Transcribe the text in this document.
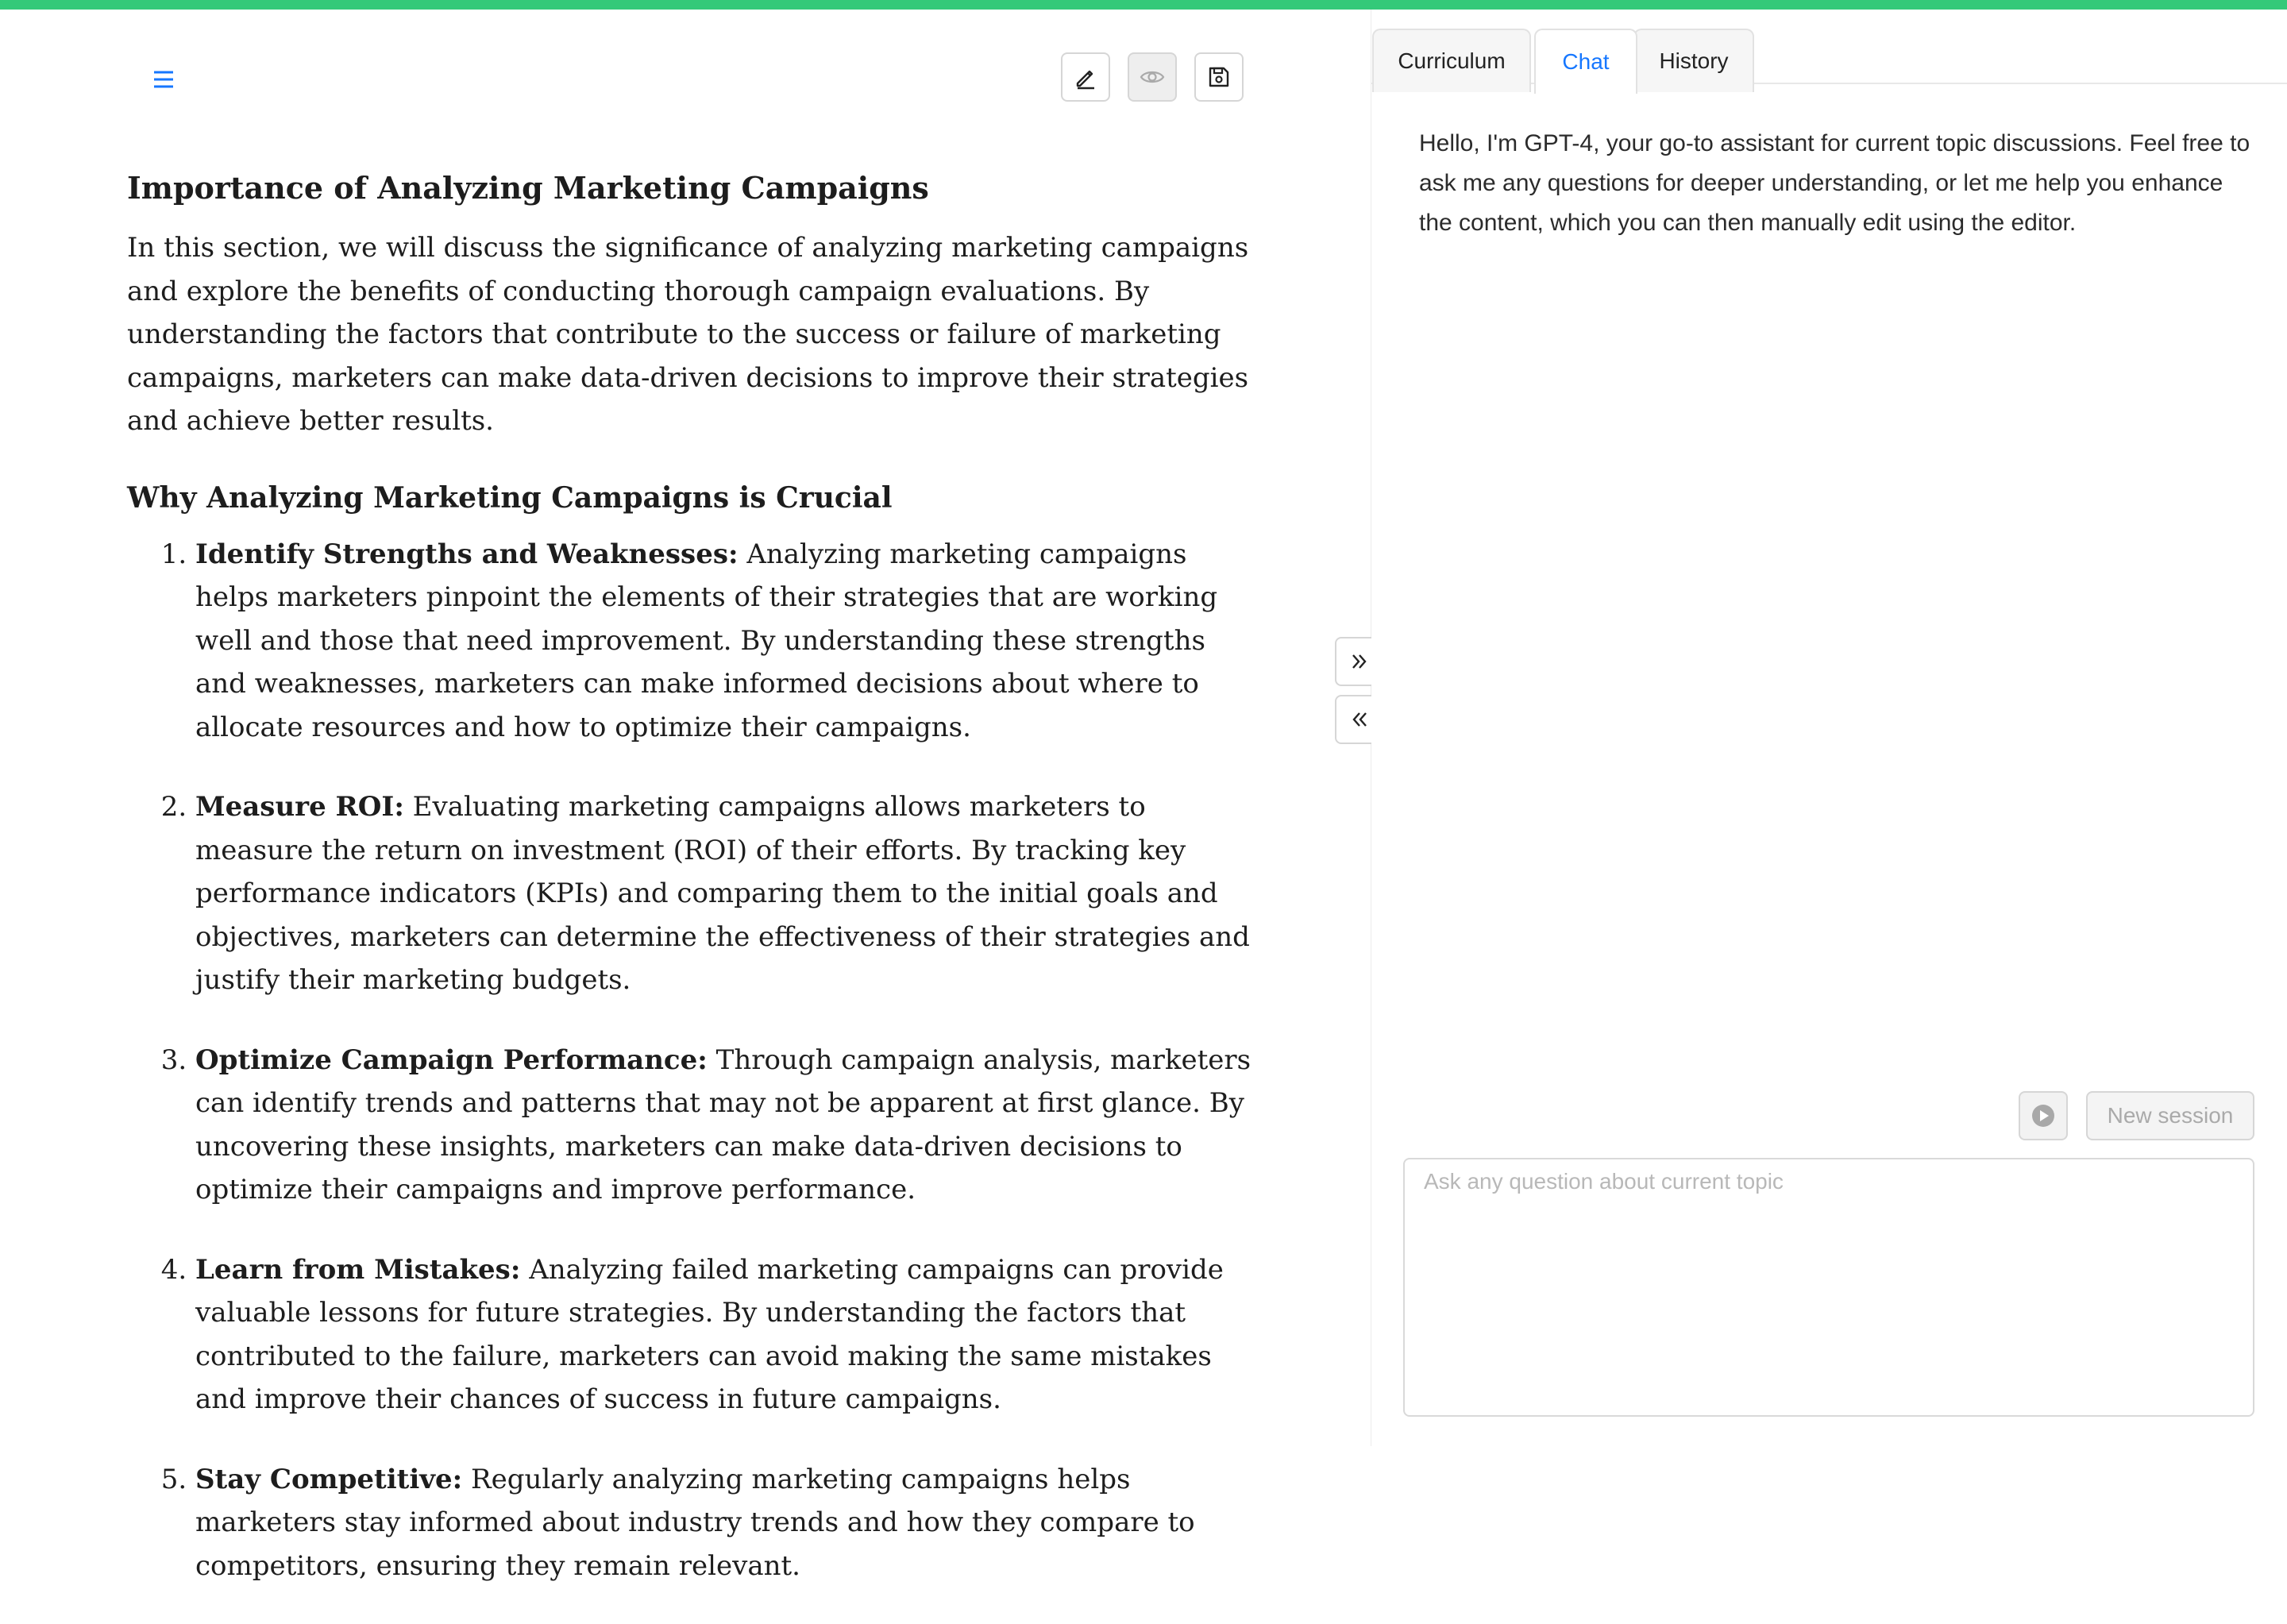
Importance of Analyzing Marketing Campaigns

In this section, we will discuss the significance of analyzing marketing campaigns and explore the benefits of conducting thorough campaign evaluations. By understanding the factors that contribute to the success or failure of marketing campaigns, marketers can make data-driven decisions to improve their strategies and achieve better results.

Why Analyzing Marketing Campaigns is Crucial
1. Identify Strengths and Weaknesses: Analyzing marketing campaigns helps marketers pinpoint the elements of their strategies that are working well and those that need improvement. By understanding these strengths and weaknesses, marketers can make informed decisions about where to allocate resources and how to optimize their campaigns.
2. Measure ROI: Evaluating marketing campaigns allows marketers to measure the return on investment (ROI) of their efforts. By tracking key performance indicators (KPIs) and comparing them to the initial goals and objectives, marketers can determine the effectiveness of their strategies and justify their marketing budgets.
3. Optimize Campaign Performance: Through campaign analysis, marketers can identify trends and patterns that may not be apparent at first glance. By uncovering these insights, marketers can make data-driven decisions to optimize their campaigns and improve performance.
4. Learn from Mistakes: Analyzing failed marketing campaigns can provide valuable lessons for future strategies. By understanding the factors that contributed to the failure, marketers can avoid making the same mistakes and improve their chances of success in future campaigns.
5. Stay Competitive: Regularly analyzing marketing campaigns helps marketers stay informed about industry trends and how they compare to competitors, ensuring they remain relevant.
Curriculum	History
Chat
Hello, I'm GPT-4, your go-to assistant for current topic discussions. Feel free to ask me any questions for deeper understanding, or let me help you enhance the content, which you can then manually edit using the editor.
New session
Ask any question about current topic
